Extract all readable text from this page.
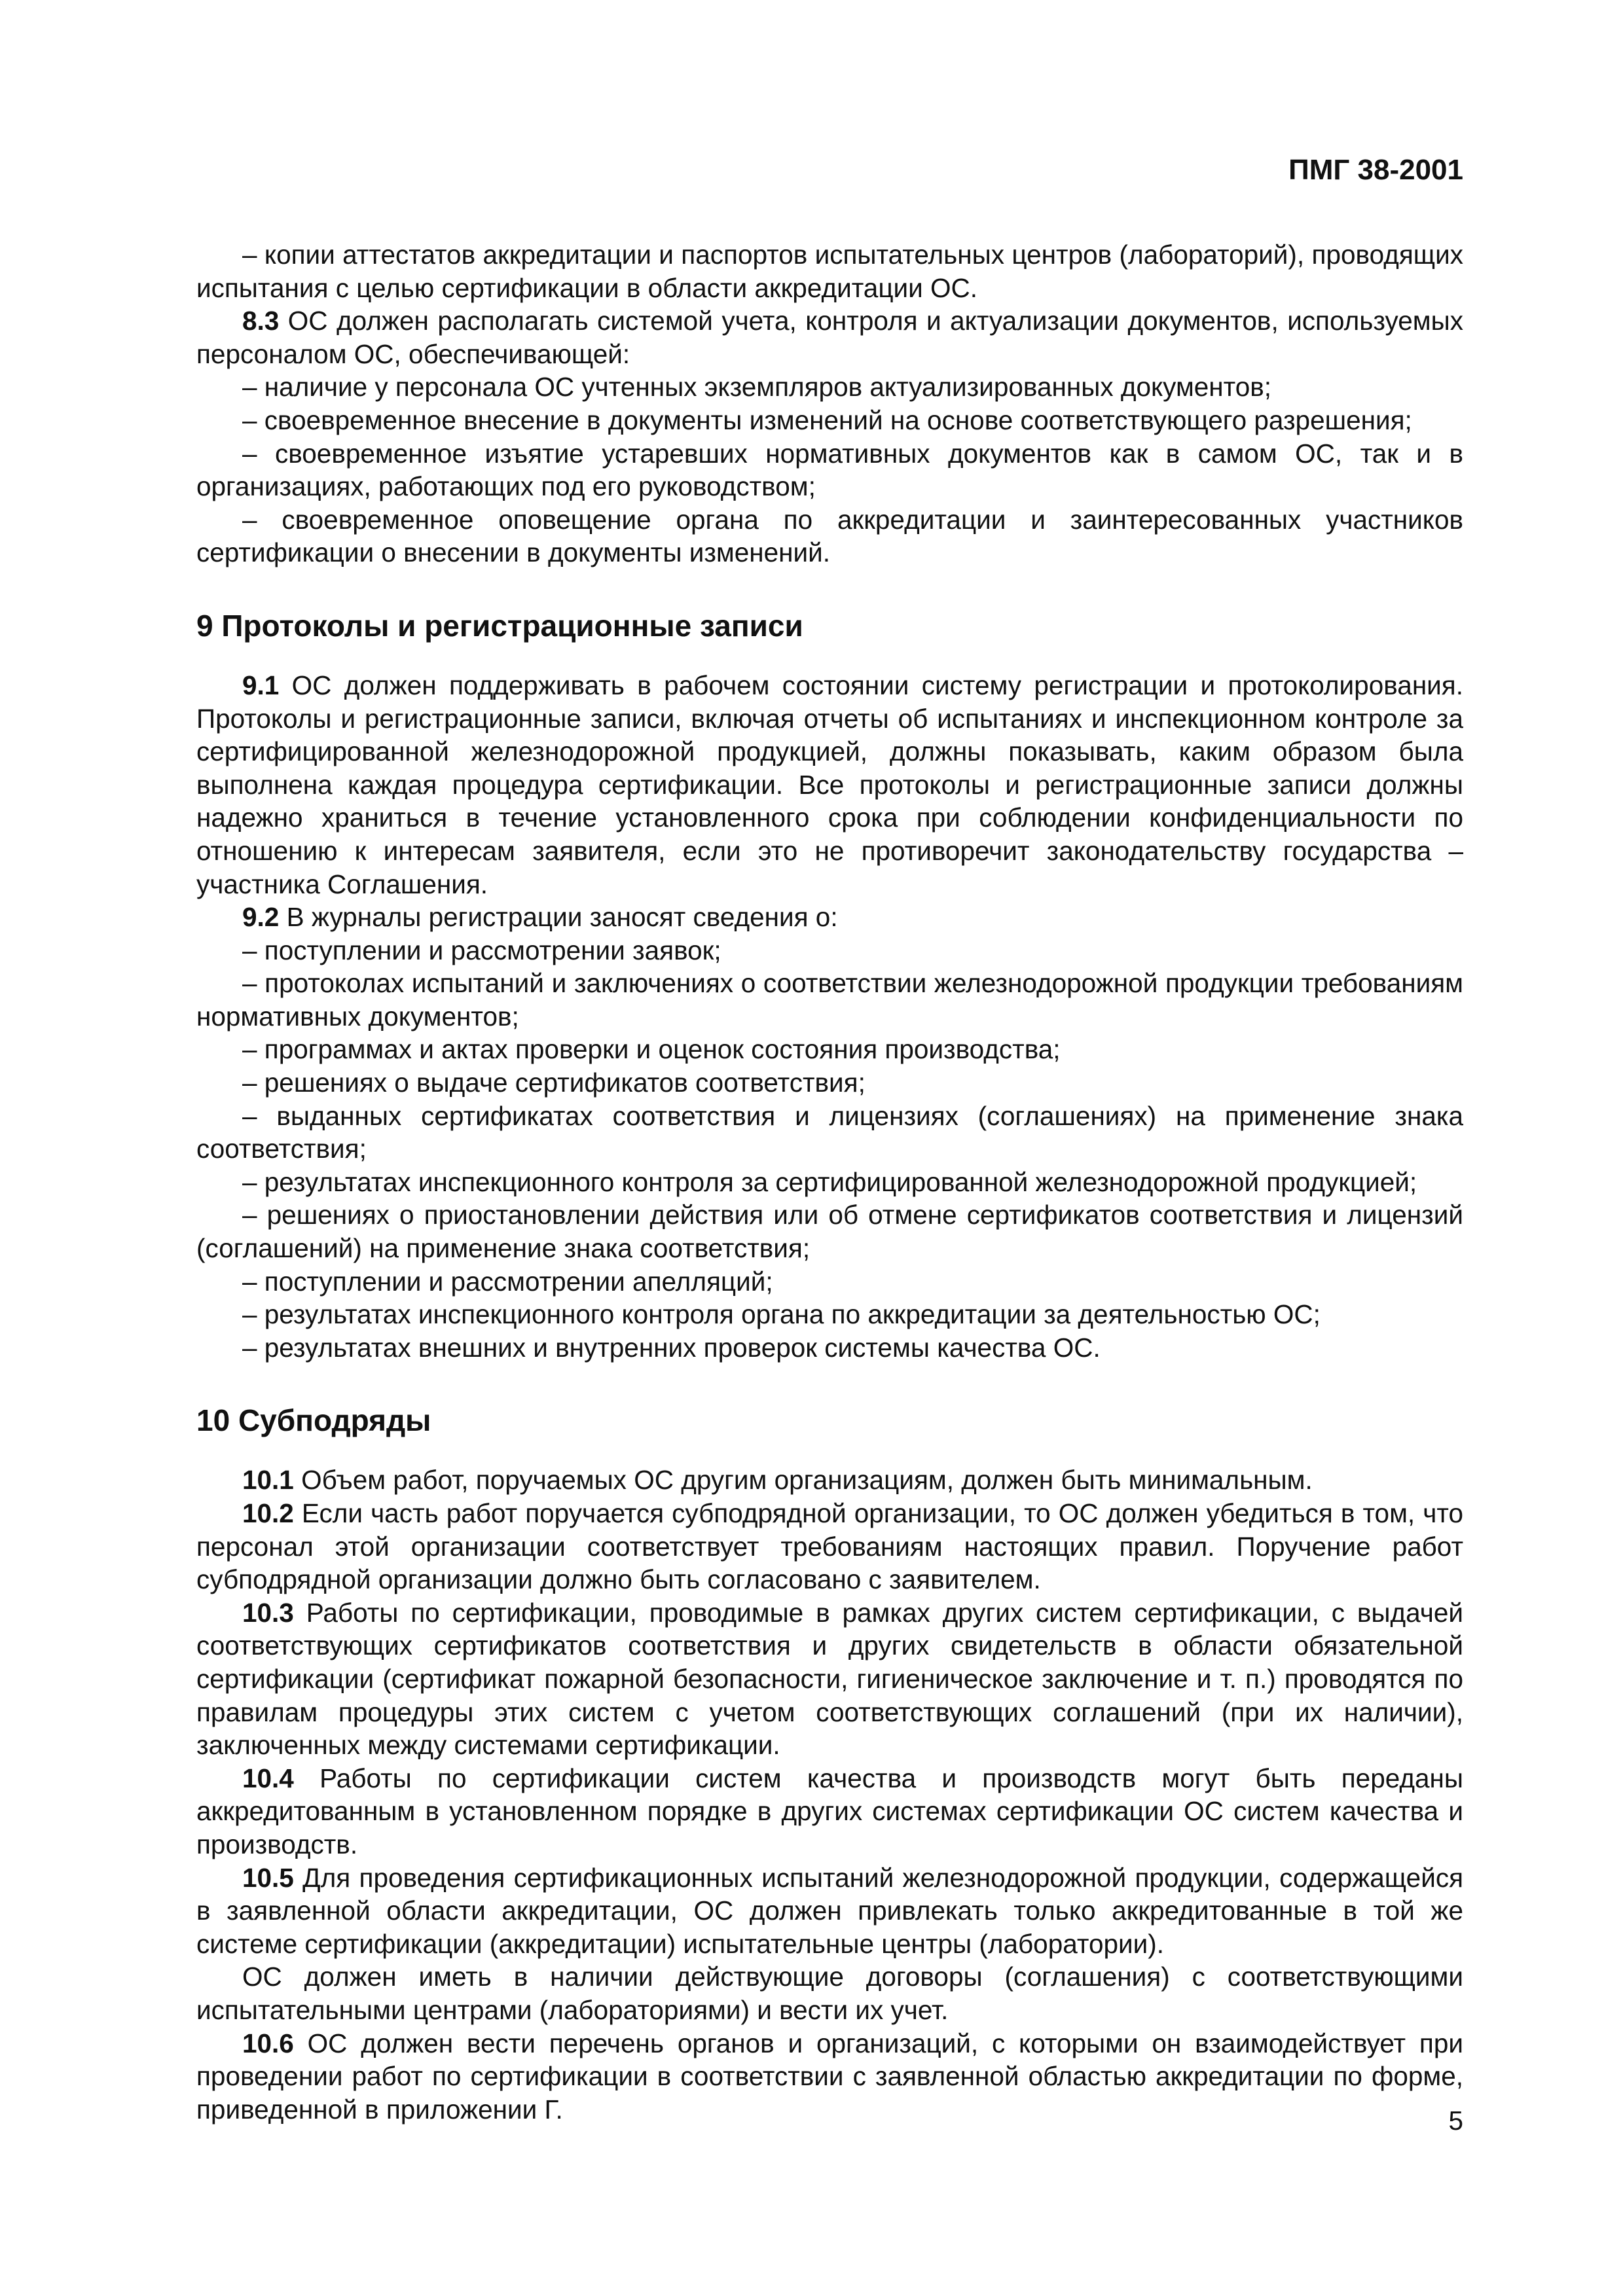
ПМГ 38-2001

– копии аттестатов аккредитации и паспортов испытательных центров (лабораторий), проводящих испытания с целью сертификации в области аккредитации ОС.

8.3 ОС должен располагать системой учета, контроля и актуализации документов, используемых персоналом ОС, обеспечивающей:

– наличие у персонала ОС учтенных экземпляров актуализированных документов;

– своевременное внесение в документы изменений на основе соответствующего разрешения;

– своевременное изъятие устаревших нормативных документов как в самом ОС, так и в организациях, работающих под его руководством;

– своевременное оповещение органа по аккредитации и заинтересованных участников сертификации о внесении в документы изменений.

9 Протоколы и регистрационные записи

9.1 ОС должен поддерживать в рабочем состоянии систему регистрации и протоколирования. Протоколы и регистрационные записи, включая отчеты об испытаниях и инспекционном контроле за сертифицированной железнодорожной продукцией, должны показывать, каким образом была выполнена каждая процедура сертификации. Все протоколы и регистрационные записи должны надежно храниться в течение установленного срока при соблюдении конфиденциальности по отношению к интересам заявителя, если это не противоречит законодательству государства – участника Соглашения.

9.2 В журналы регистрации заносят сведения о:

– поступлении и рассмотрении заявок;

– протоколах испытаний и заключениях о соответствии железнодорожной продукции требованиям нормативных документов;

– программах и актах проверки и оценок состояния производства;

– решениях о выдаче сертификатов соответствия;

– выданных сертификатах соответствия и лицензиях (соглашениях) на применение знака соответствия;

– результатах инспекционного контроля за сертифицированной железнодорожной продукцией;

– решениях о приостановлении действия или об отмене сертификатов соответствия и лицензий (соглашений) на применение знака соответствия;

– поступлении и рассмотрении апелляций;

– результатах инспекционного контроля органа по аккредитации за деятельностью ОС;

– результатах внешних и внутренних проверок системы качества ОС.

10 Субподряды

10.1 Объем работ, поручаемых ОС другим организациям, должен быть минимальным.

10.2 Если часть работ поручается субподрядной организации, то ОС должен убедиться в том, что персонал этой организации соответствует требованиям настоящих правил. Поручение работ субподрядной организации должно быть согласовано с заявителем.

10.3 Работы по сертификации, проводимые в рамках других систем сертификации, с выдачей соответствующих сертификатов соответствия и других свидетельств в области обязательной сертификации (сертификат пожарной безопасности, гигиеническое заключение и т. п.) проводятся по правилам процедуры этих систем с учетом соответствующих соглашений (при их наличии), заключенных между системами сертификации.

10.4 Работы по сертификации систем качества и производств могут быть переданы аккредитованным в установленном порядке в других системах сертификации ОС систем качества и производств.

10.5 Для проведения сертификационных испытаний железнодорожной продукции, содержащейся в заявленной области аккредитации, ОС должен привлекать только аккредитованные в той же системе сертификации (аккредитации) испытательные центры (лаборатории).

ОС должен иметь в наличии действующие договоры (соглашения) с соответствующими испытательными центрами (лабораториями) и вести их учет.

10.6 ОС должен вести перечень органов и организаций, с которыми он взаимодействует при проведении работ по сертификации в соответствии с заявленной областью аккредитации по форме, приведенной в приложении Г.	5
